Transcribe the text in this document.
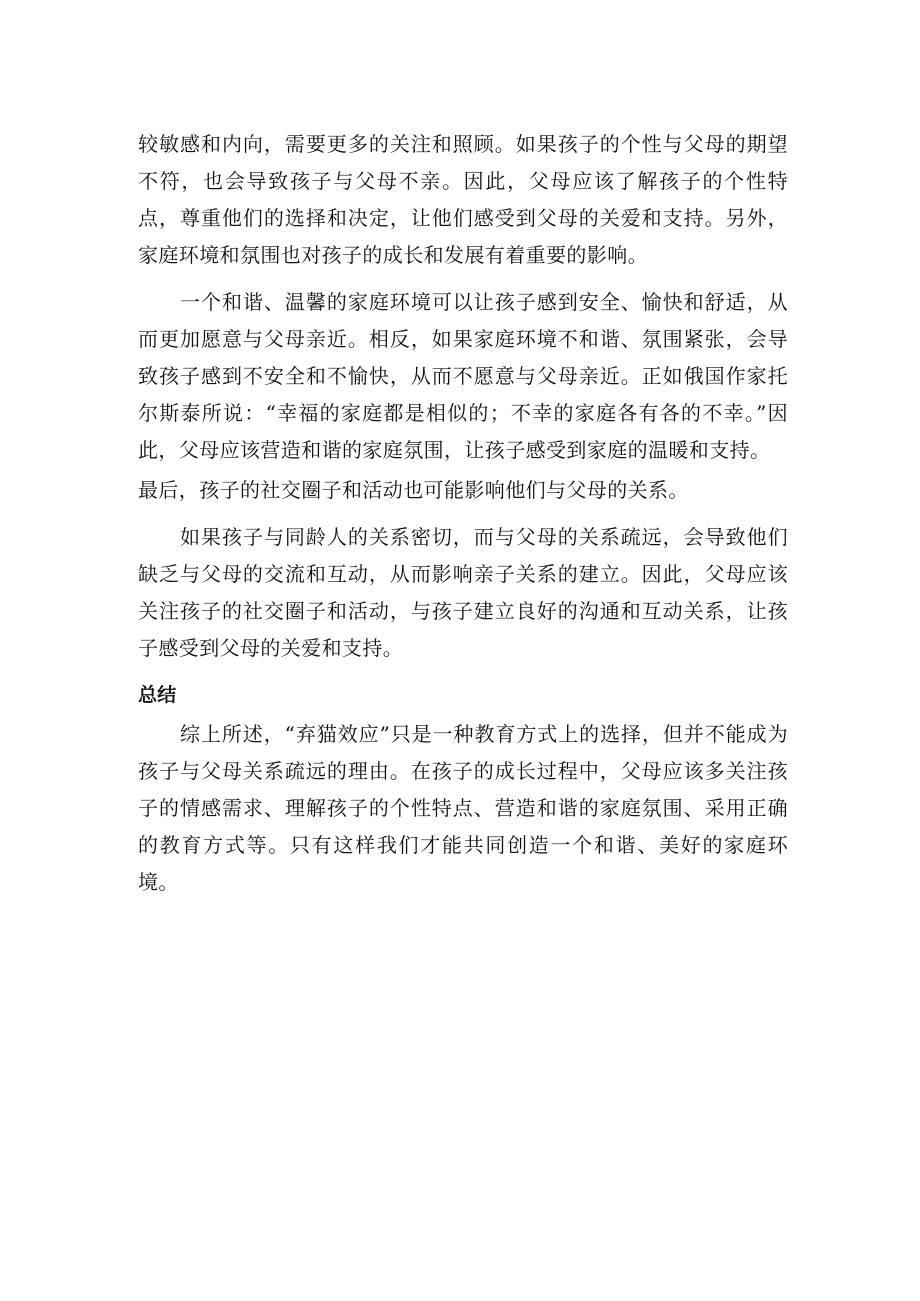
较敏感和内向，需要更多的关注和照顾。如果孩子的个性与父母的期望不符，也会导致孩子与父母不亲。因此，父母应该了解孩子的个性特点，尊重他们的选择和决定，让他们感受到父母的关爱和支持。另外，家庭环境和氛围也对孩子的成长和发展有着重要的影响。

一个和谐、温馨的家庭环境可以让孩子感到安全、愉快和舒适，从而更加愿意与父母亲近。相反，如果家庭环境不和谐、氛围紧张，会导致孩子感到不安全和不愉快，从而不愿意与父母亲近。正如俄国作家托尔斯泰所说：“幸福的家庭都是相似的；不幸的家庭各有各的不幸。”因此，父母应该营造和谐的家庭氛围，让孩子感受到家庭的温暖和支持。

最后，孩子的社交圈子和活动也可能影响他们与父母的关系。

如果孩子与同龄人的关系密切，而与父母的关系疏远，会导致他们缺乏与父母的交流和互动，从而影响亲子关系的建立。因此，父母应该关注孩子的社交圈子和活动，与孩子建立良好的沟通和互动关系，让孩子感受到父母的关爱和支持。

总结

综上所述，“弃猫效应”只是一种教育方式上的选择，但并不能成为孩子与父母关系疏远的理由。在孩子的成长过程中，父母应该多关注孩子的情感需求、理解孩子的个性特点、营造和谐的家庭氛围、采用正确的教育方式等。只有这样我们才能共同创造一个和谐、美好的家庭环境。
